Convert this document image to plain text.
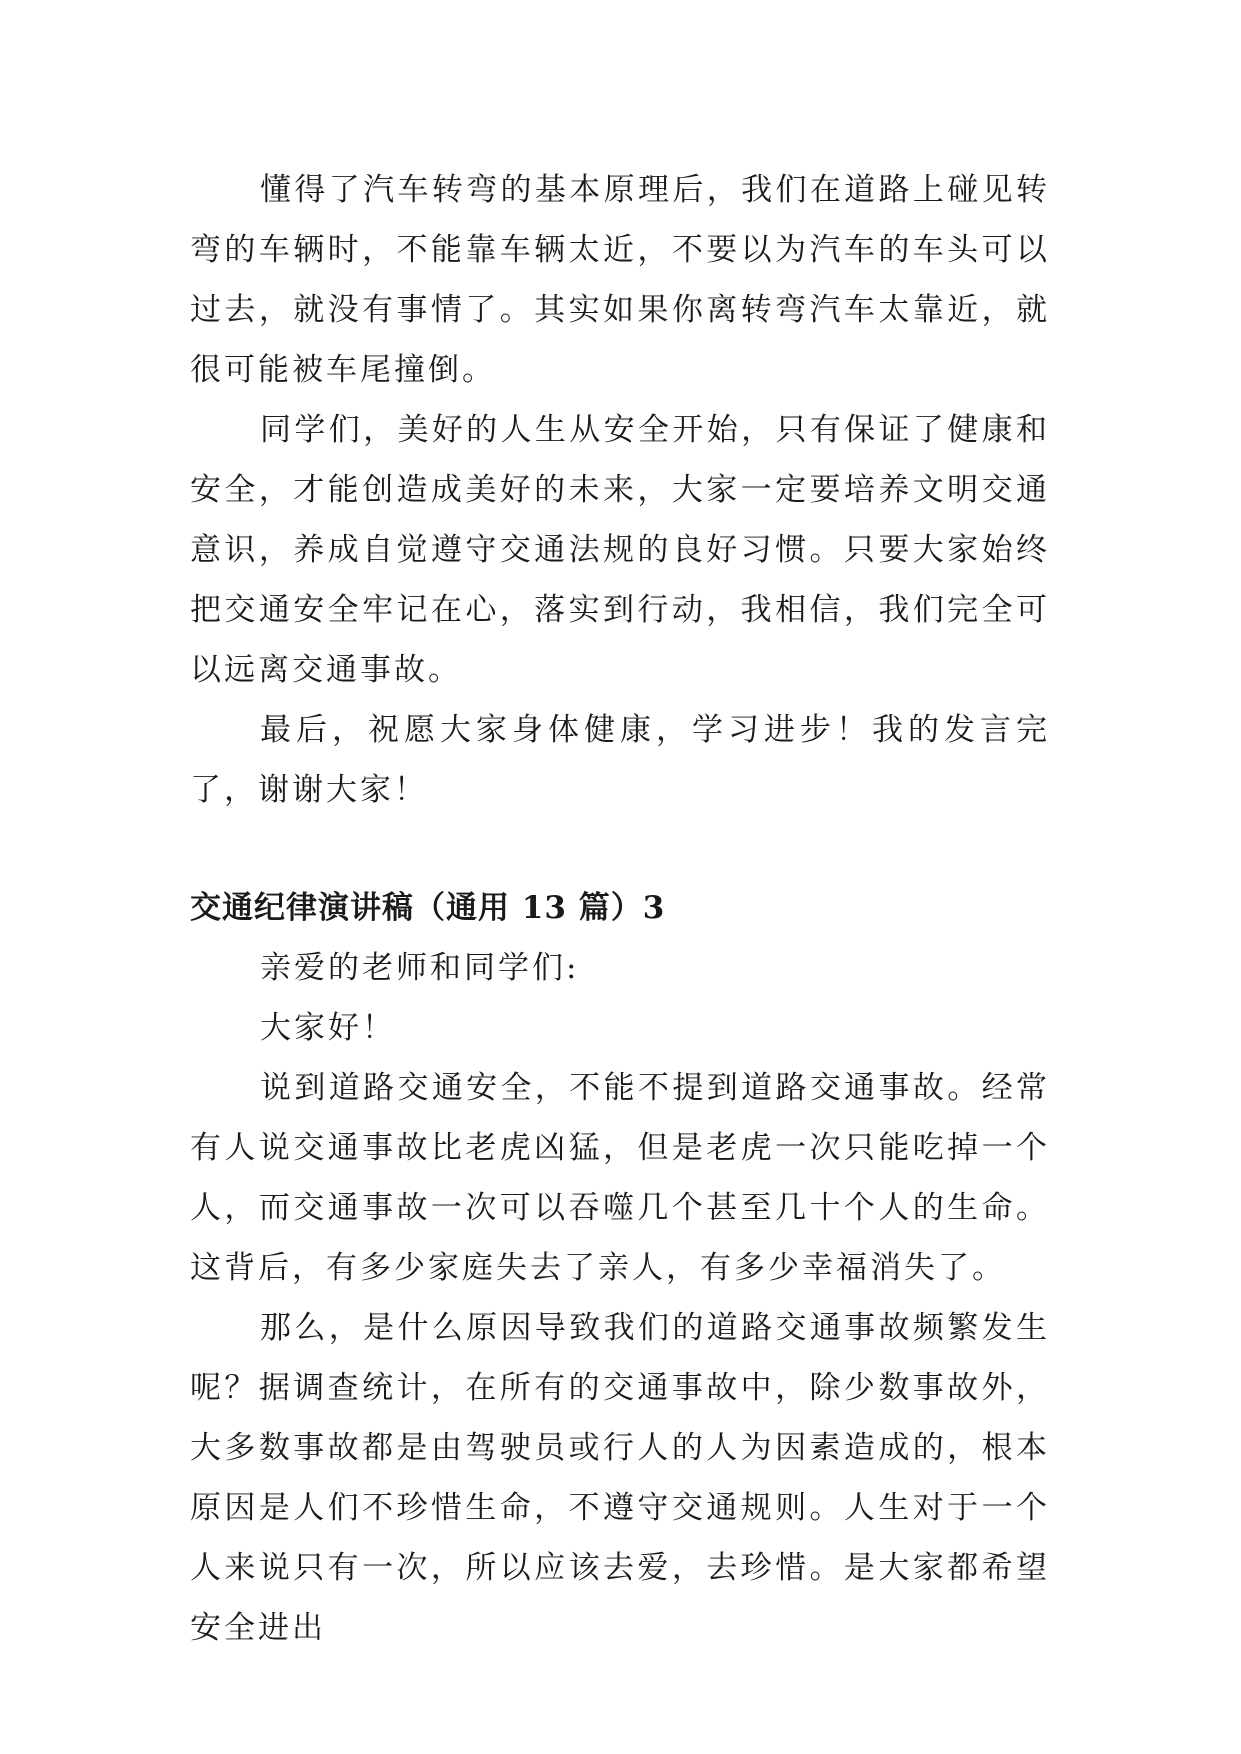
懂得了汽车转弯的基本原理后，我们在道路上碰见转弯的车辆时，不能靠车辆太近，不要以为汽车的车头可以过去，就没有事情了。其实如果你离转弯汽车太靠近，就很可能被车尾撞倒。

同学们，美好的人生从安全开始，只有保证了健康和安全，才能创造成美好的未来，大家一定要培养文明交通意识，养成自觉遵守交通法规的良好习惯。只要大家始终把交通安全牢记在心，落实到行动，我相信，我们完全可以远离交通事故。

最后，祝愿大家身体健康，学习进步！我的发言完了，谢谢大家！

交通纪律演讲稿（通用 13 篇）3

亲爱的老师和同学们:

大家好！

说到道路交通安全，不能不提到道路交通事故。经常有人说交通事故比老虎凶猛，但是老虎一次只能吃掉一个人，而交通事故一次可以吞噬几个甚至几十个人的生命。这背后，有多少家庭失去了亲人，有多少幸福消失了。

那么，是什么原因导致我们的道路交通事故频繁发生呢？据调查统计，在所有的交通事故中，除少数事故外，大多数事故都是由驾驶员或行人的人为因素造成的，根本原因是人们不珍惜生命，不遵守交通规则。人生对于一个人来说只有一次，所以应该去爱，去珍惜。是大家都希望安全进出
